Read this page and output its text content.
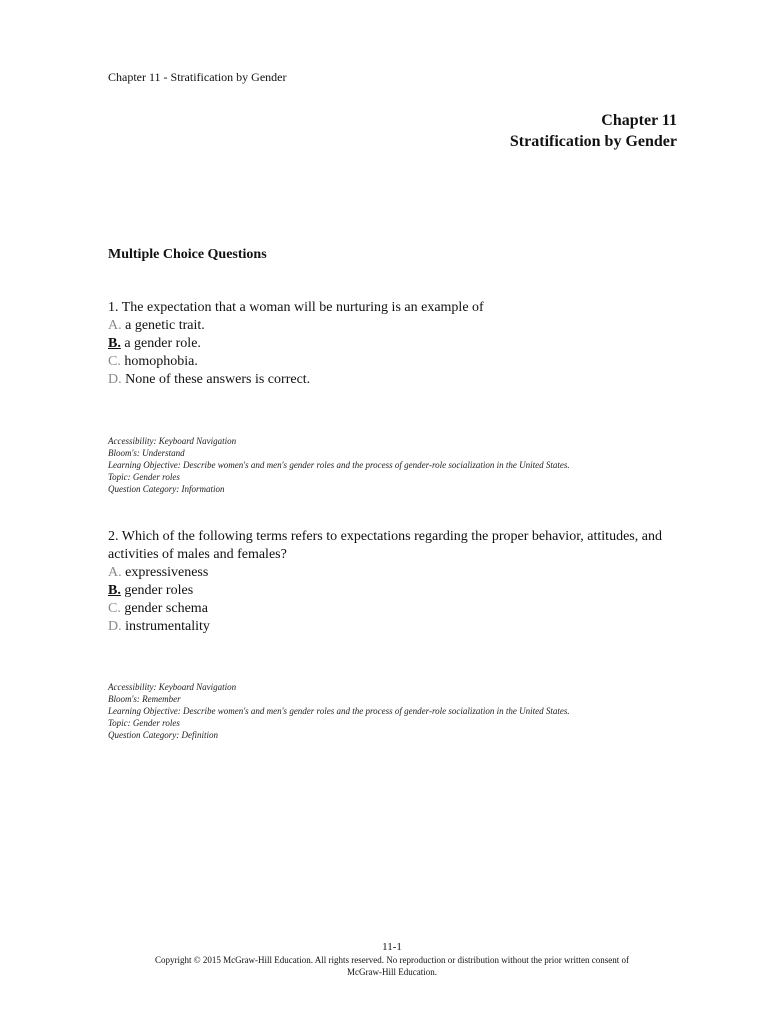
Chapter 11 - Stratification by Gender
Chapter 11
Stratification by Gender
Multiple Choice Questions

1. The expectation that a woman will be nurturing is an example of

A. a genetic trait.

B. a gender role.

C. homophobia.

D. None of these answers is correct.

Accessibility: Keyboard Navigation
Bloom's: Understand
Learning Objective: Describe women's and men's gender roles and the process of gender-role socialization in the United States.
Topic: Gender roles
Question Category: Information

2. Which of the following terms refers to expectations regarding the proper behavior, attitudes, and activities of males and females?

A. expressiveness

B. gender roles

C. gender schema

D. instrumentality

Accessibility: Keyboard Navigation
Bloom's: Remember
Learning Objective: Describe women's and men's gender roles and the process of gender-role socialization in the United States.
Topic: Gender roles
Question Category: Definition
11-1
Copyright © 2015 McGraw-Hill Education. All rights reserved. No reproduction or distribution without the prior written consent of
McGraw-Hill Education.
